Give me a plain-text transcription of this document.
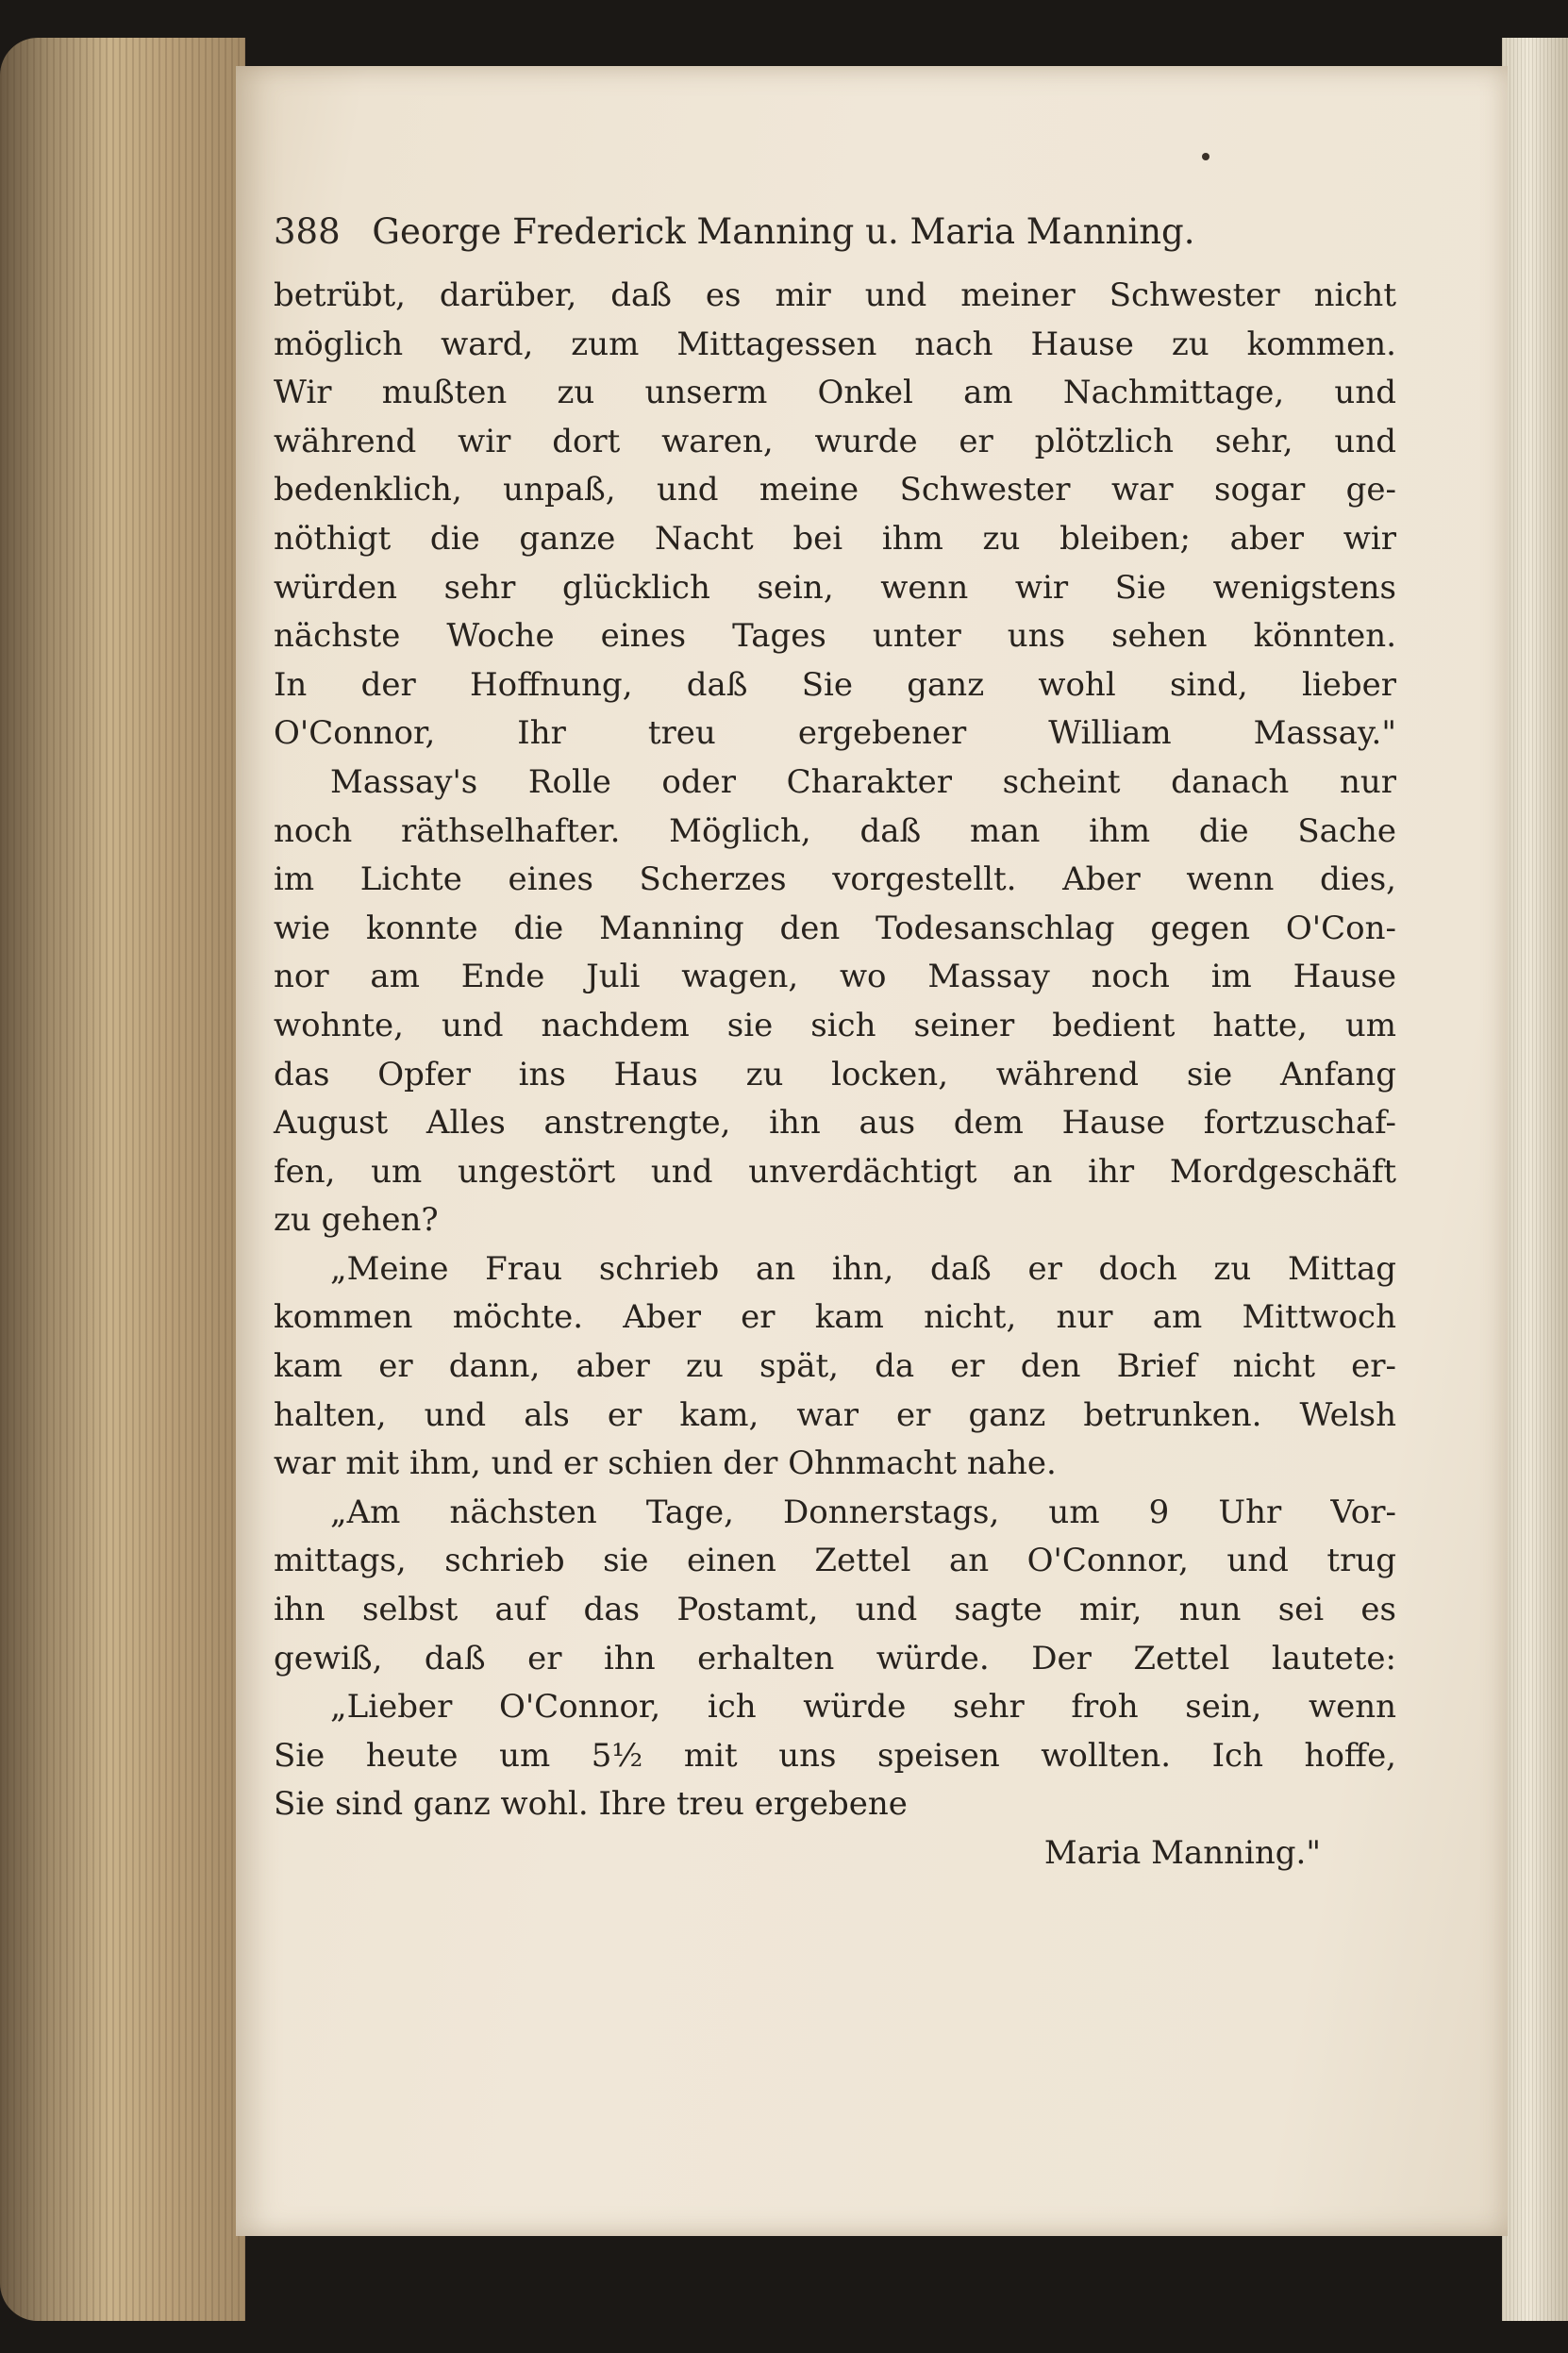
388 George Frederick Manning u. Maria Manning.
betrübt, darüber, daß es mir und meiner Schwester nicht
möglich ward, zum Mittagessen nach Hause zu kommen.
Wir mußten zu unserm Onkel am Nachmittage, und
während wir dort waren, wurde er plötzlich sehr, und
bedenklich, unpaß, und meine Schwester war sogar ge-
nöthigt die ganze Nacht bei ihm zu bleiben; aber wir
würden sehr glücklich sein, wenn wir Sie wenigstens
nächste Woche eines Tages unter uns sehen könnten.
In der Hoffnung, daß Sie ganz wohl sind, lieber
O'Connor, Ihr treu ergebener William Massay."
Massay's Rolle oder Charakter scheint danach nur
noch räthselhafter. Möglich, daß man ihm die Sache
im Lichte eines Scherzes vorgestellt. Aber wenn dies,
wie konnte die Manning den Todesanschlag gegen O'Con-
nor am Ende Juli wagen, wo Massay noch im Hause
wohnte, und nachdem sie sich seiner bedient hatte, um
das Opfer ins Haus zu locken, während sie Anfang
August Alles anstrengte, ihn aus dem Hause fortzuschaf-
fen, um ungestört und unverdächtigt an ihr Mordgeschäft
zu gehen?
„Meine Frau schrieb an ihn, daß er doch zu Mittag
kommen möchte. Aber er kam nicht, nur am Mittwoch
kam er dann, aber zu spät, da er den Brief nicht er-
halten, und als er kam, war er ganz betrunken. Welsh
war mit ihm, und er schien der Ohnmacht nahe.
„Am nächsten Tage, Donnerstags, um 9 Uhr Vor-
mittags, schrieb sie einen Zettel an O'Connor, und trug
ihn selbst auf das Postamt, und sagte mir, nun sei es
gewiß, daß er ihn erhalten würde. Der Zettel lautete:
„Lieber O'Connor, ich würde sehr froh sein, wenn
Sie heute um 5½ mit uns speisen wollten. Ich hoffe,
Sie sind ganz wohl. Ihre treu ergebene
Maria Manning."
